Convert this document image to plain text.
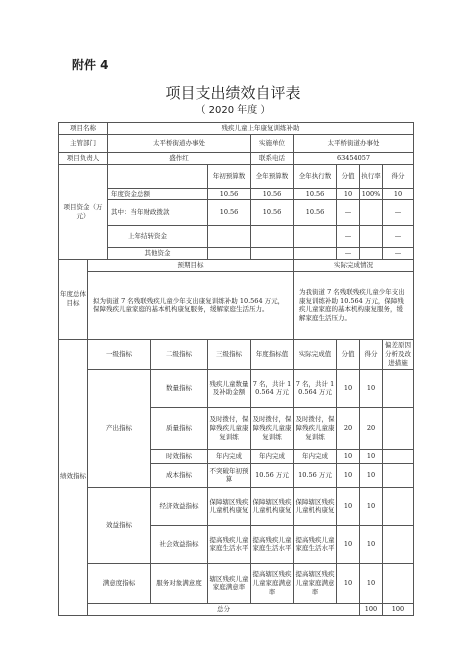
附件 4
项目支出绩效自评表
（ 2020 年度 ）
项目名称		残疾儿童上年康复训练补助								
主管部门		太平桥街道办事处			实施单位	太平桥街道办事处				
项目负责人		盛作红			联系电话	63454057				
项目资金（万元）				年初预算数	全年预算数	全年执行数	分值	执行率	得分	
		年度资金总额		10.56	10.56	10.56	10	100%	10	
		其中：当年财政拨款		10.56	10.56	10.56	—		—	
		上年结转资金					—		—	
		其他资金					—		—	
年度总体目标	预期目标					实际完成情况				
	拟为街道 7 名残联残疾儿童少年支出康复训练补助 10.564 万元，保障残疾儿童家庭的基本机构康复服务，缓解家庭生活压力。					为我街道 7 名残联残疾儿童少年支出康复训练补助 10.564 万元，保障残疾儿童家庭的基本机构康复服务，缓解家庭生活压力。				
绩效指标	一级指标		二级指标	三级指标	年度指标值	实际完成值	分值	得分	偏差原因分析及改进措施	
	产出指标		数量指标	残疾儿童数量及补助金额	7 名，共计 10.564 万元	7 名，共计 10.564 万元	10	10		
			质量指标	及时拨付，保障残疾儿童康复训练	及时拨付，保障残疾儿童康复训练	及时拨付，保障残疾儿童康复训练	20	20		
			时效指标	年内完成	年内完成	年内完成	10	10		
			成本指标	不突破年初预算	10.56 万元	10.56 万元	10	10		
	效益指标		经济效益指标	保障辖区残疾儿童机构康复	保障辖区残疾儿童机构康复	保障辖区残疾儿童机构康复	10	10		
			社会效益指标	提高残疾儿童家庭生活水平	提高残疾儿童家庭生活水平	提高残疾儿童家庭生活水平	10	10		
	满意度指标		服务对象满意度	辖区残疾儿童家庭满意率	提高辖区残疾儿童家庭满意率	提高辖区残疾儿童家庭满意率	10	10		
	总分							100	100	
